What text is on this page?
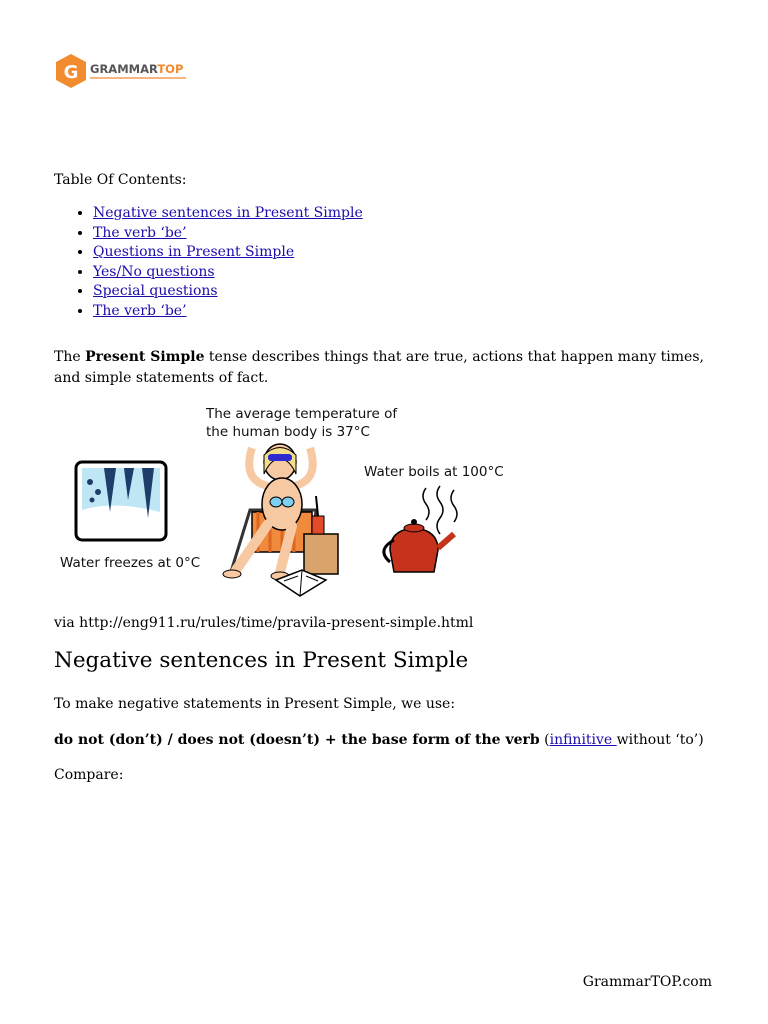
G GRAMMARTOP

Table Of Contents:

• Negative sentences in Present Simple
• The verb ‘be’
• Questions in Present Simple
• Yes/No questions
• Special questions
• The verb ‘be’

The Present Simple tense describes things that are true, actions that happen many times, and simple statements of fact.

Water freezes at 0°C
The average temperature of
the human body is 37°C
Water boils at 100°C

via http://eng911.ru/rules/time/pravila-present-simple.html

Negative sentences in Present Simple

To make negative statements in Present Simple, we use:

do not (don’t) / does not (doesn’t) + the base form of the verb (infinitive without ‘to’)

Compare:

GrammarTOP.com
